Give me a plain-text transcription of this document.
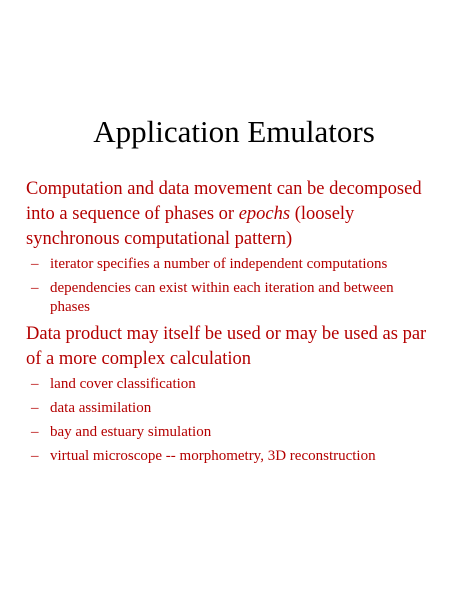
Application Emulators
Computation and data movement can be decomposed
into a sequence of phases or epochs (loosely
synchronous computational pattern)
– iterator specifies a number of independent computations
– dependencies can exist within each iteration and between
phases
Data product may itself be used or may be used as par
of a more complex calculation
– land cover classification
– data assimilation
– bay and estuary simulation
– virtual microscope -- morphometry, 3D reconstruction
